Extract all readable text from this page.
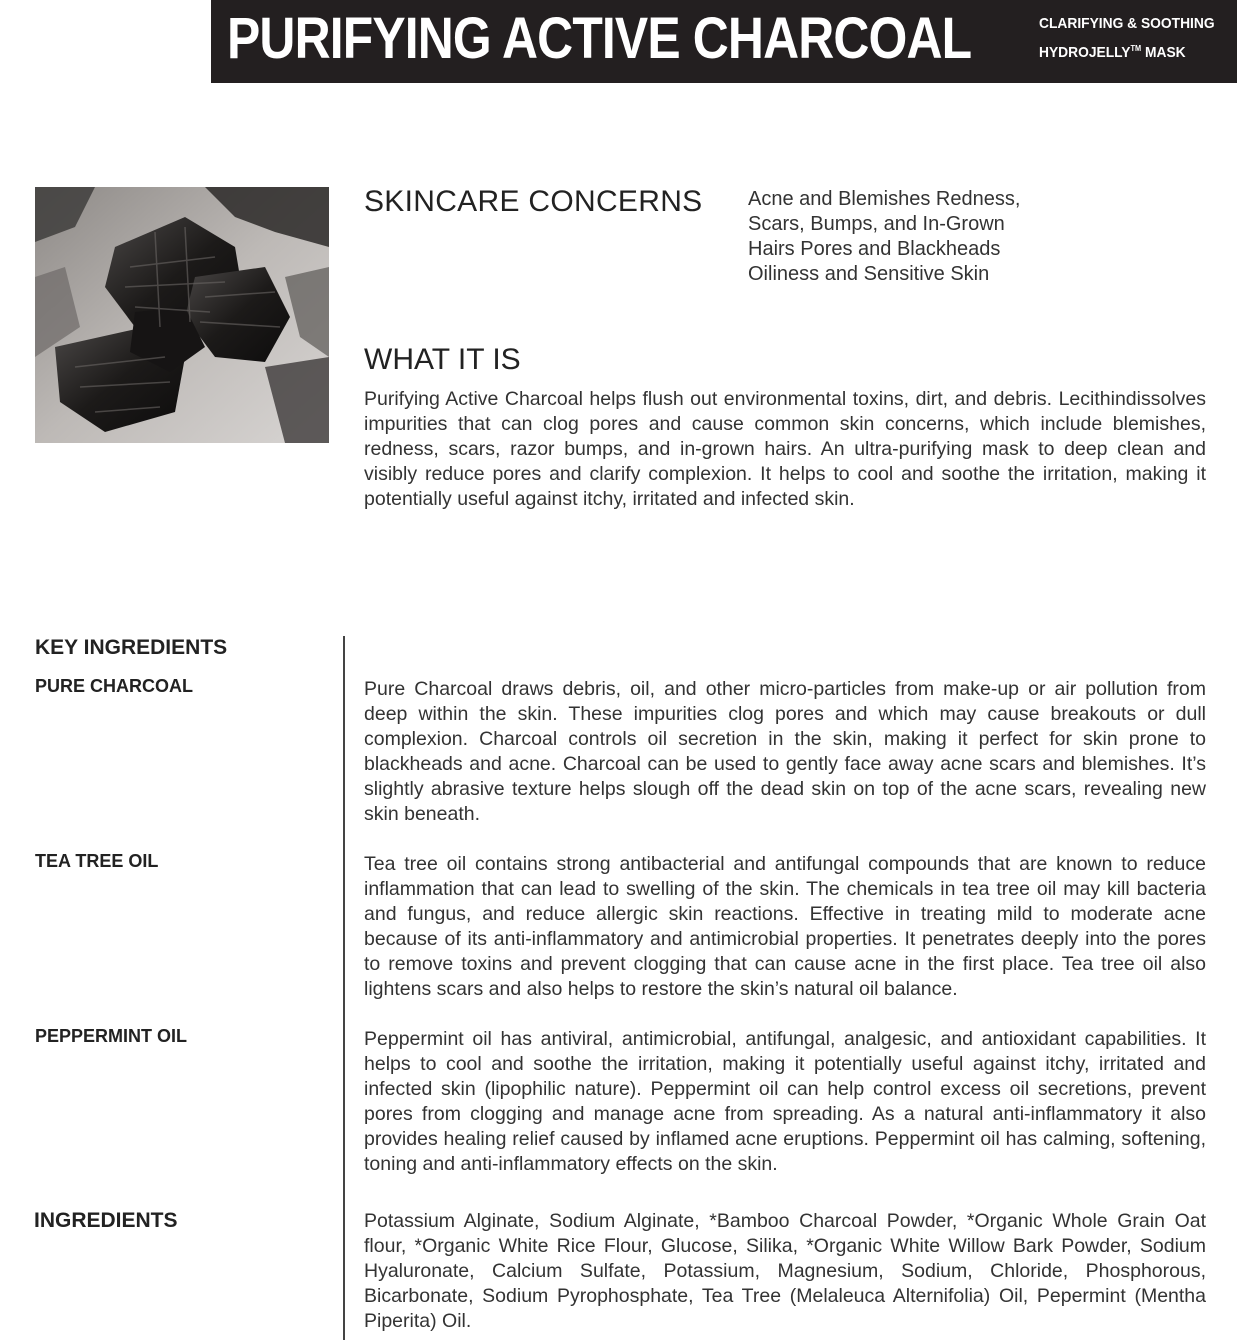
PURIFYING ACTIVE CHARCOAL	CLARIFYING & SOOTHING
HYDROJELLY™ MASK
SKINCARE CONCERNS Acne and Blemishes Redness, Scars, Bumps, and In-Grown Hairs Pores and Blackheads Oiliness and Sensitive Skin
WHAT IT IS
Purifying Active Charcoal helps flush out environmental toxins, dirt, and debris. Lecithindissolves impurities that can clog pores and cause common skin concerns, which include blemishes, redness, scars, razor bumps, and in-grown hairs. An ultra-purifying mask to deep clean and visibly reduce pores and clarify complexion. It helps to cool and soothe the irritation, making it potentially useful against itchy, irritated and infected skin.
KEY INGREDIENTS
PURE CHARCOAL	Pure Charcoal draws debris, oil, and other micro-particles from make-up or air pollution from deep within the skin. These impurities clog pores and which may cause breakouts or dull complexion. Charcoal controls oil secretion in the skin, making it perfect for skin prone to blackheads and acne. Charcoal can be used to gently face away acne scars and blemishes. It’s slightly abrasive texture helps slough off the dead skin on top of the acne scars, revealing new skin beneath.
TEA TREE OIL	Tea tree oil contains strong antibacterial and antifungal compounds that are known to reduce inflammation that can lead to swelling of the skin. The chemicals in tea tree oil may kill bacteria and fungus, and reduce allergic skin reactions. Effective in treating mild to moderate acne because of its anti-inflammatory and antimicrobial properties. It penetrates deeply into the pores to remove toxins and prevent clogging that can cause acne in the first place. Tea tree oil also lightens scars and also helps to restore the skin’s natural oil balance.
PEPPERMINT OIL	Peppermint oil has antiviral, antimicrobial, antifungal, analgesic, and antioxidant capabilities. It helps to cool and soothe the irritation, making it potentially useful against itchy, irritated and infected skin (lipophilic nature). Peppermint oil can help control excess oil secretions, prevent pores from clogging and manage acne from spreading. As a natural anti-inflammatory it also provides healing relief caused by inflamed acne eruptions. Peppermint oil has calming, softening, toning and anti-inflammatory effects on the skin.
INGREDIENTS	Potassium Alginate, Sodium Alginate, *Bamboo Charcoal Powder, *Organic Whole Grain Oat flour, *Organic White Rice Flour, Glucose, Silika, *Organic White Willow Bark Powder, Sodium Hyaluronate, Calcium Sulfate, Potassium, Magnesium, Sodium, Chloride, Phosphorous, Bicarbonate, Sodium Pyrophosphate, Tea Tree (Melaleuca Alternifolia) Oil, Pepermint (Mentha Piperita) Oil.
